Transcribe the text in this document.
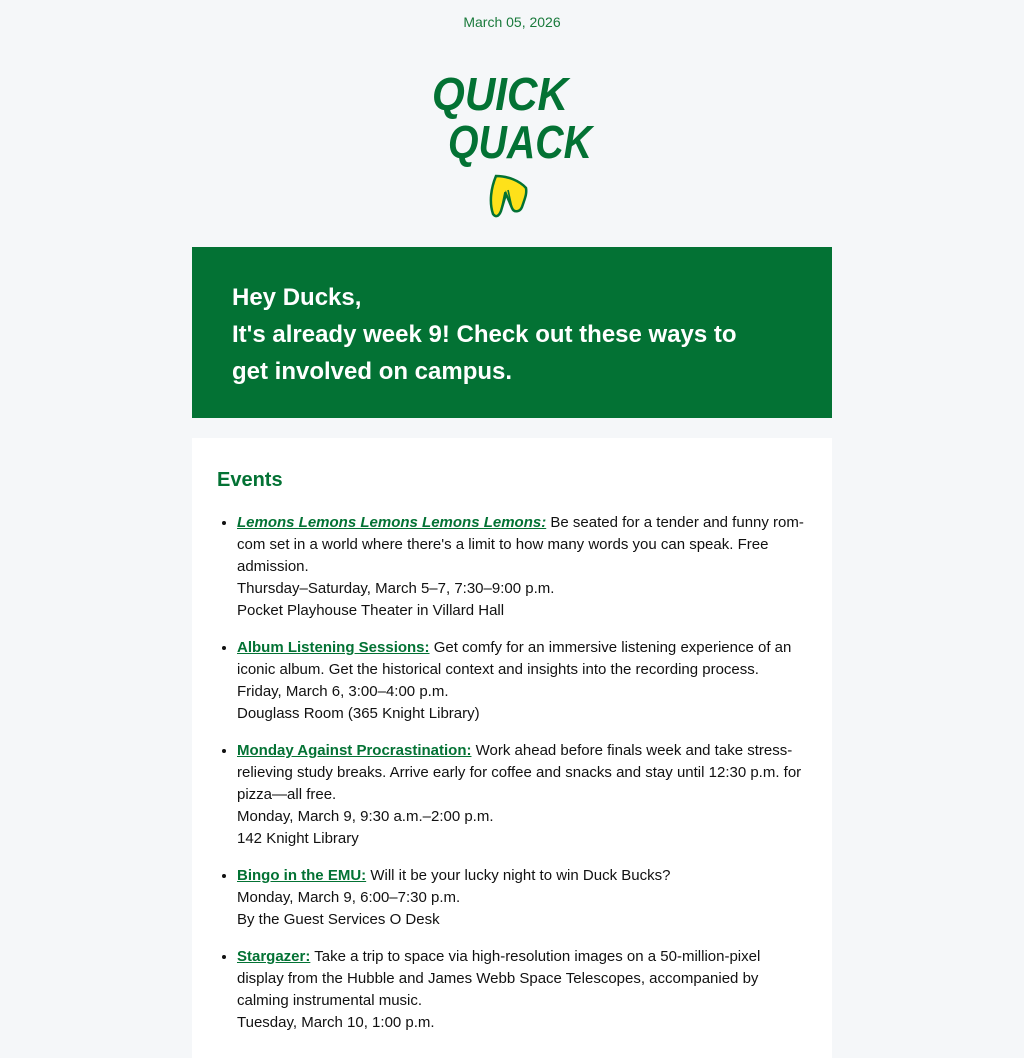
March 05, 2026
QUICK
QUACK
Hey Ducks,
It's already week 9! Check out these ways to
get involved on campus.
Events
• Lemons Lemons Lemons Lemons Lemons: Be seated for a tender and funny rom-com set in a world where there's a limit to how many words you can speak. Free admission.
Thursday–Saturday, March 5–7, 7:30–9:00 p.m.
Pocket Playhouse Theater in Villard Hall
• Album Listening Sessions: Get comfy for an immersive listening experience of an iconic album. Get the historical context and insights into the recording process.
Friday, March 6, 3:00–4:00 p.m.
Douglass Room (365 Knight Library)
• Monday Against Procrastination: Work ahead before finals week and take stress-relieving study breaks. Arrive early for coffee and snacks and stay until 12:30 p.m. for pizza—all free.
Monday, March 9, 9:30 a.m.–2:00 p.m.
142 Knight Library
• Bingo in the EMU: Will it be your lucky night to win Duck Bucks?
Monday, March 9, 6:00–7:30 p.m.
By the Guest Services O Desk
• Stargazer: Take a trip to space via high-resolution images on a 50-million-pixel display from the Hubble and James Webb Space Telescopes, accompanied by calming instrumental music.
Tuesday, March 10, 1:00 p.m.
